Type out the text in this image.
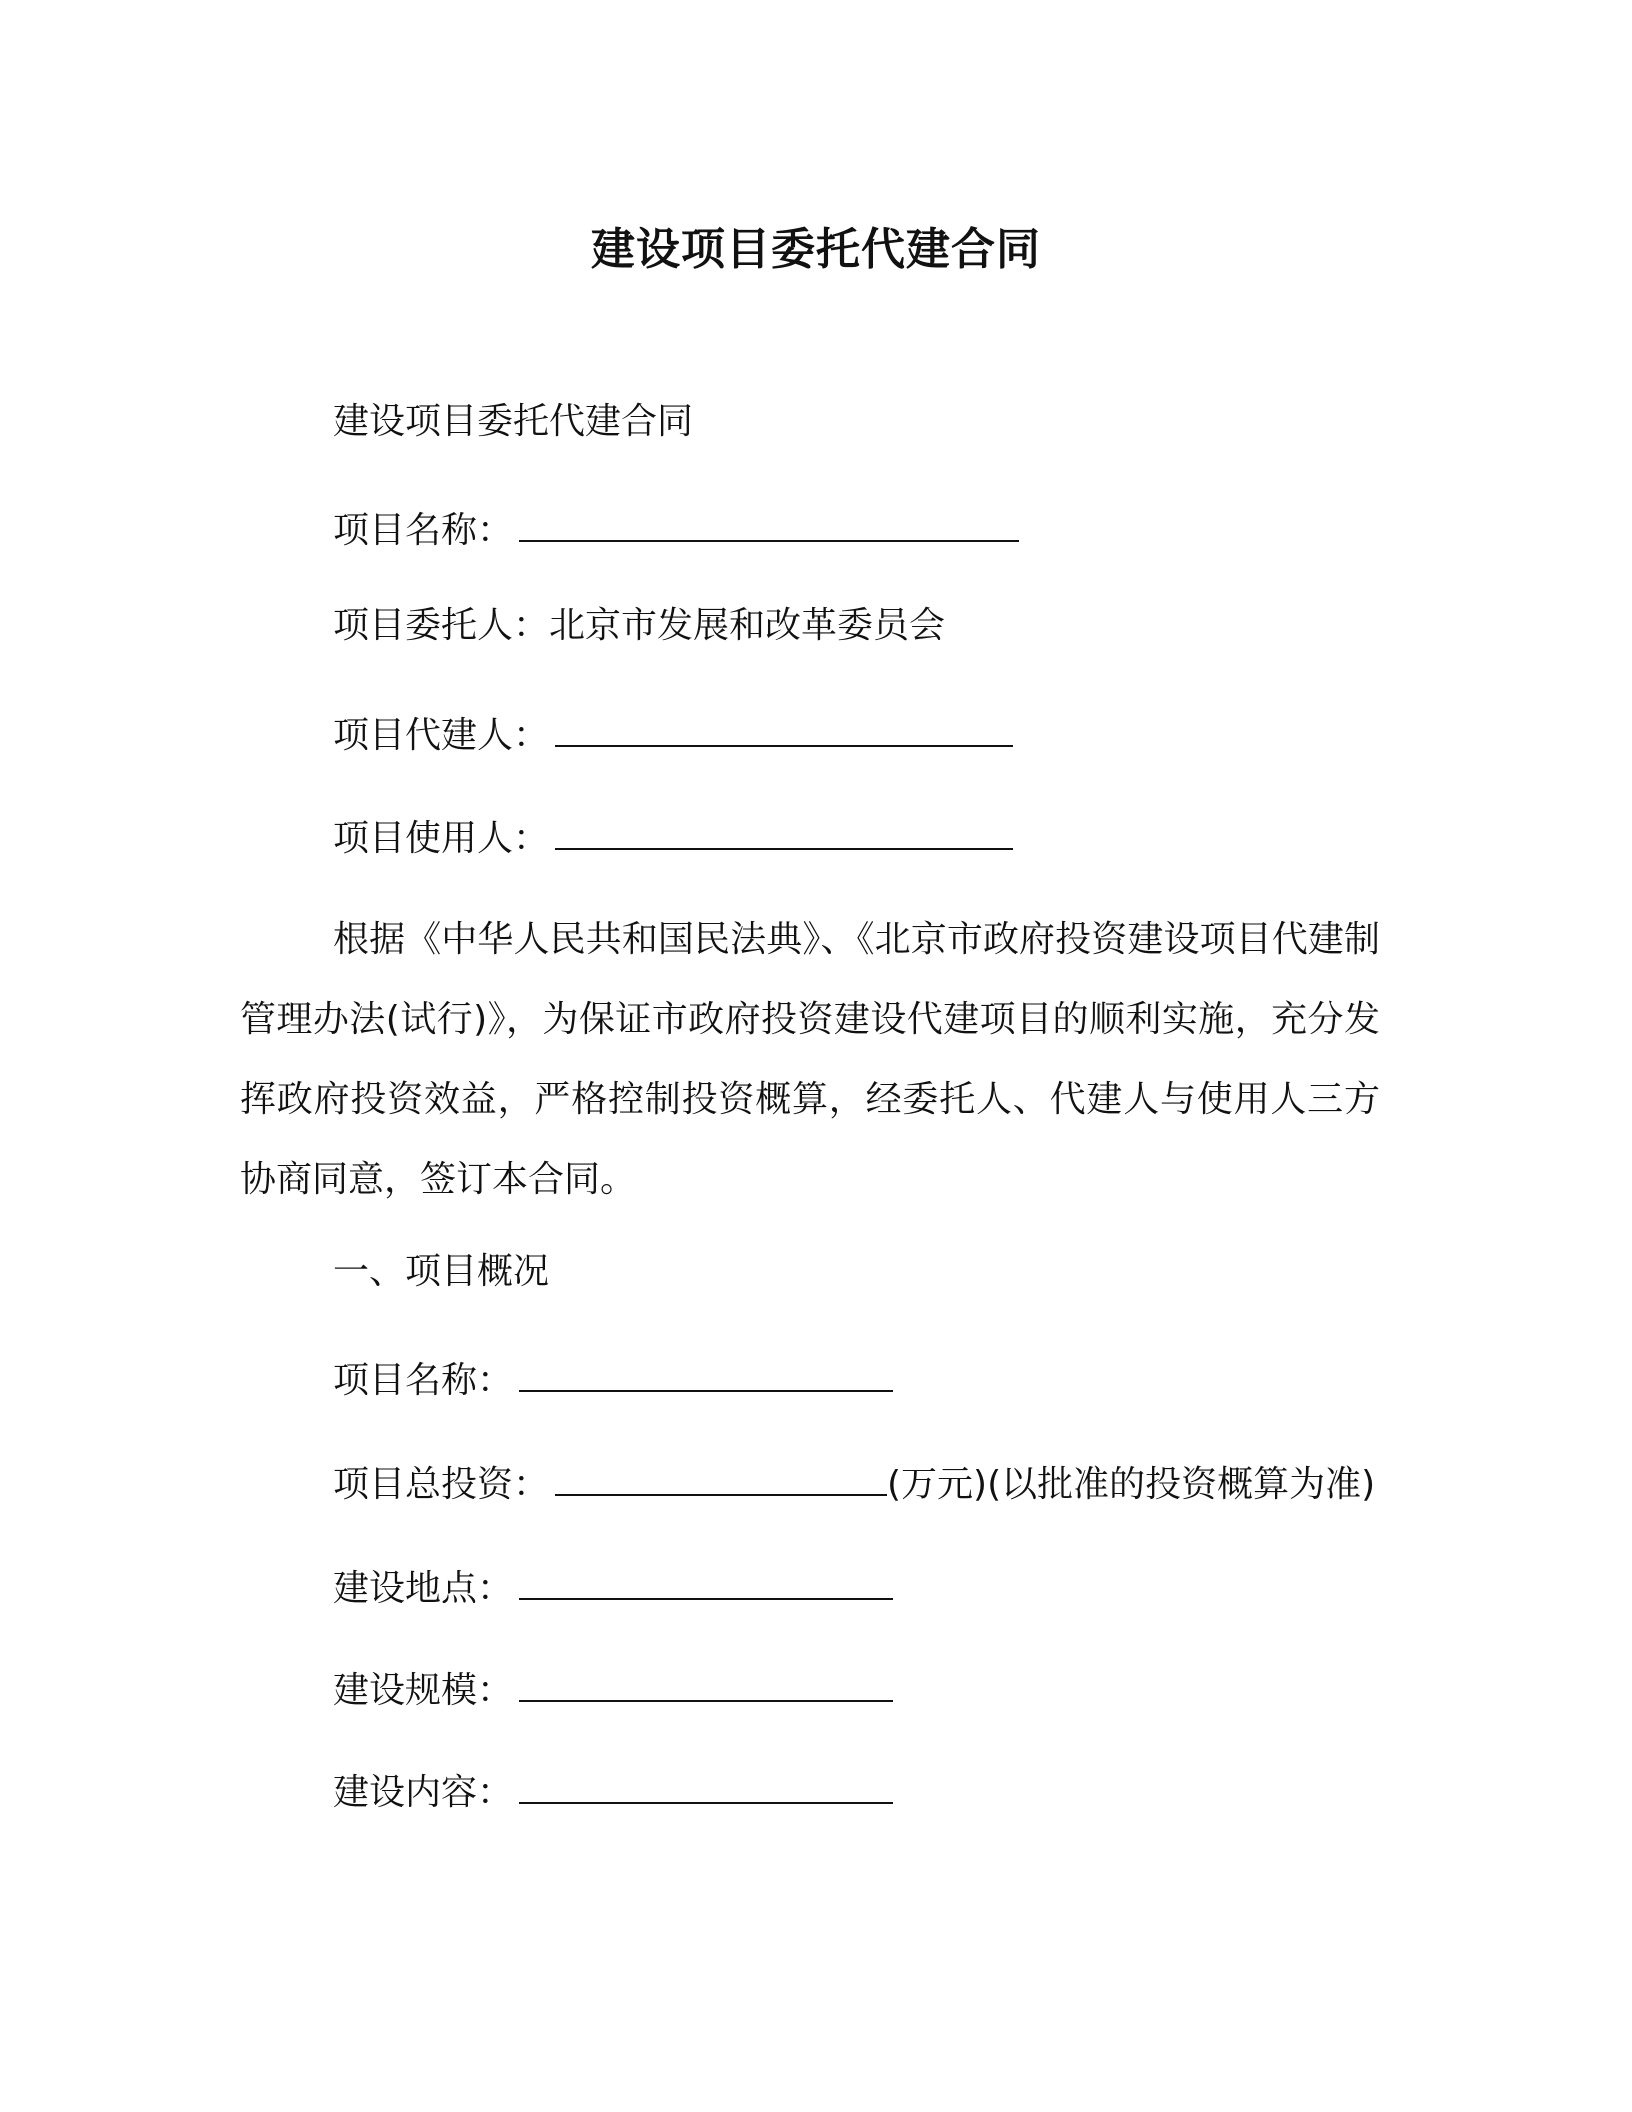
建设项目委托代建合同
建设项目委托代建合同
项目名称：
项目委托人：北京市发展和改革委员会
项目代建人：
项目使用人：
根据《中华人民共和国民法典》、《北京市政府投资建设项目代建制管理办法(试行)》，为保证市政府投资建设代建项目的顺利实施，充分发挥政府投资效益，严格控制投资概算，经委托人、代建人与使用人三方协商同意，签订本合同。
一、项目概况
项目名称：
项目总投资：	(万元)(以批准的投资概算为准)
建设地点：
建设规模：
建设内容：
